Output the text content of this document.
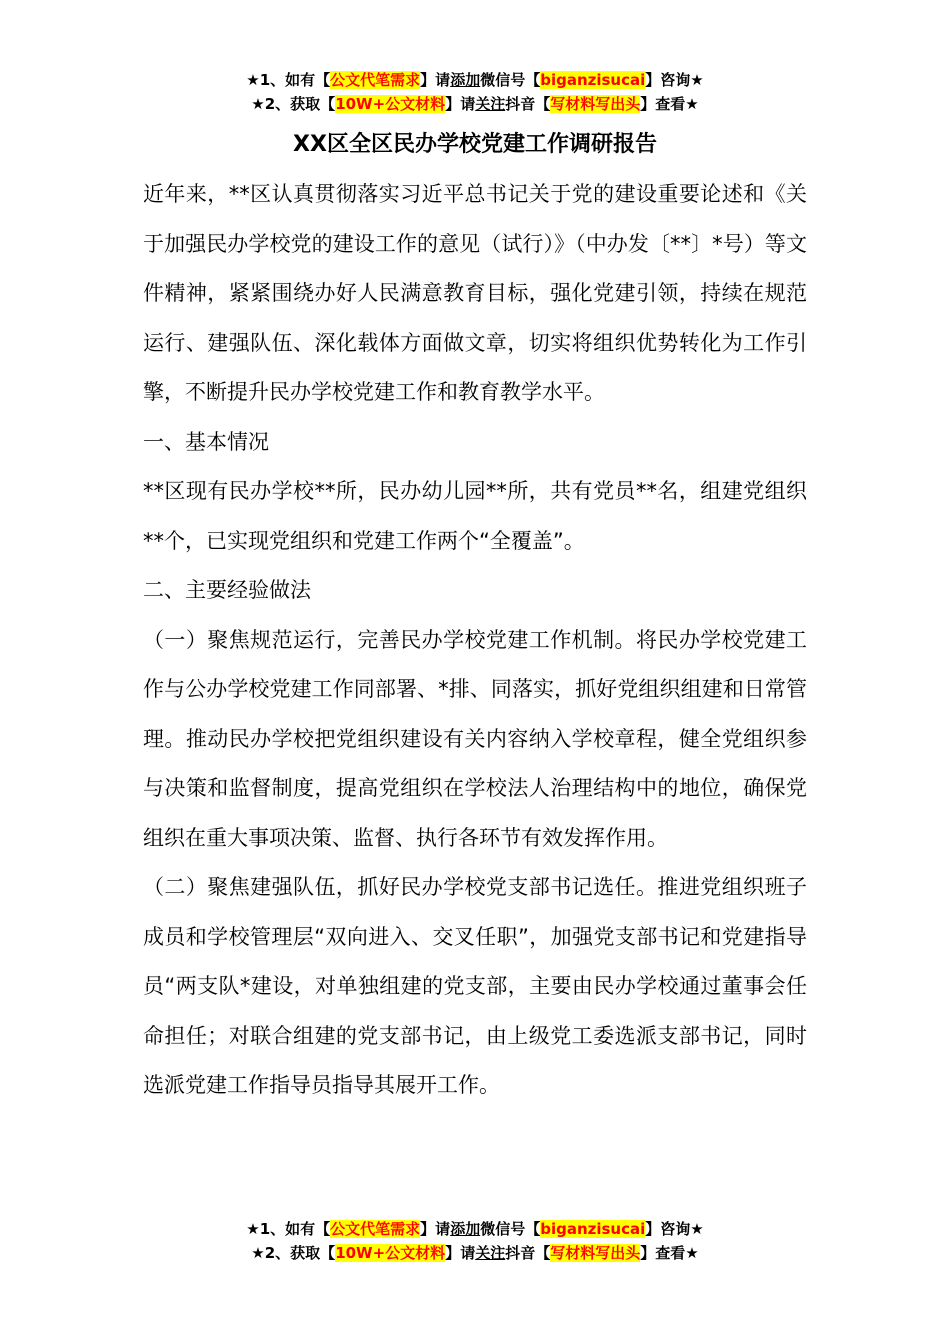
★1、如有【公文代笔需求】请添加微信号【biganzisucai】咨询★
★2、获取【10W+公文材料】请关注抖音【写材料写出头】查看★
XX区全区民办学校党建工作调研报告

近年来，**区认真贯彻落实习近平总书记关于党的建设重要论述和《关于加强民办学校党的建设工作的意见（试行）》（中办发〔**〕*号）等文件精神，紧紧围绕办好人民满意教育目标，强化党建引领，持续在规范运行、建强队伍、深化载体方面做文章，切实将组织优势转化为工作引擎，不断提升民办学校党建工作和教育教学水平。

一、基本情况

**区现有民办学校**所，民办幼儿园**所，共有党员**名，组建党组织**个，已实现党组织和党建工作两个“全覆盖”。

二、主要经验做法

（一）聚焦规范运行，完善民办学校党建工作机制。将民办学校党建工作与公办学校党建工作同部署、*排、同落实，抓好党组织组建和日常管理。推动民办学校把党组织建设有关内容纳入学校章程，健全党组织参与决策和监督制度，提高党组织在学校法人治理结构中的地位，确保党组织在重大事项决策、监督、执行各环节有效发挥作用。

（二）聚焦建强队伍，抓好民办学校党支部书记选任。推进党组织班子成员和学校管理层“双向进入、交叉任职”，加强党支部书记和党建指导员“两支队*建设，对单独组建的党支部，主要由民办学校通过董事会任命担任；对联合组建的党支部书记，由上级党工委选派支部书记，同时选派党建工作指导员指导其展开工作。

★1、如有【公文代笔需求】请添加微信号【biganzisucai】咨询★
★2、获取【10W+公文材料】请关注抖音【写材料写出头】查看★
